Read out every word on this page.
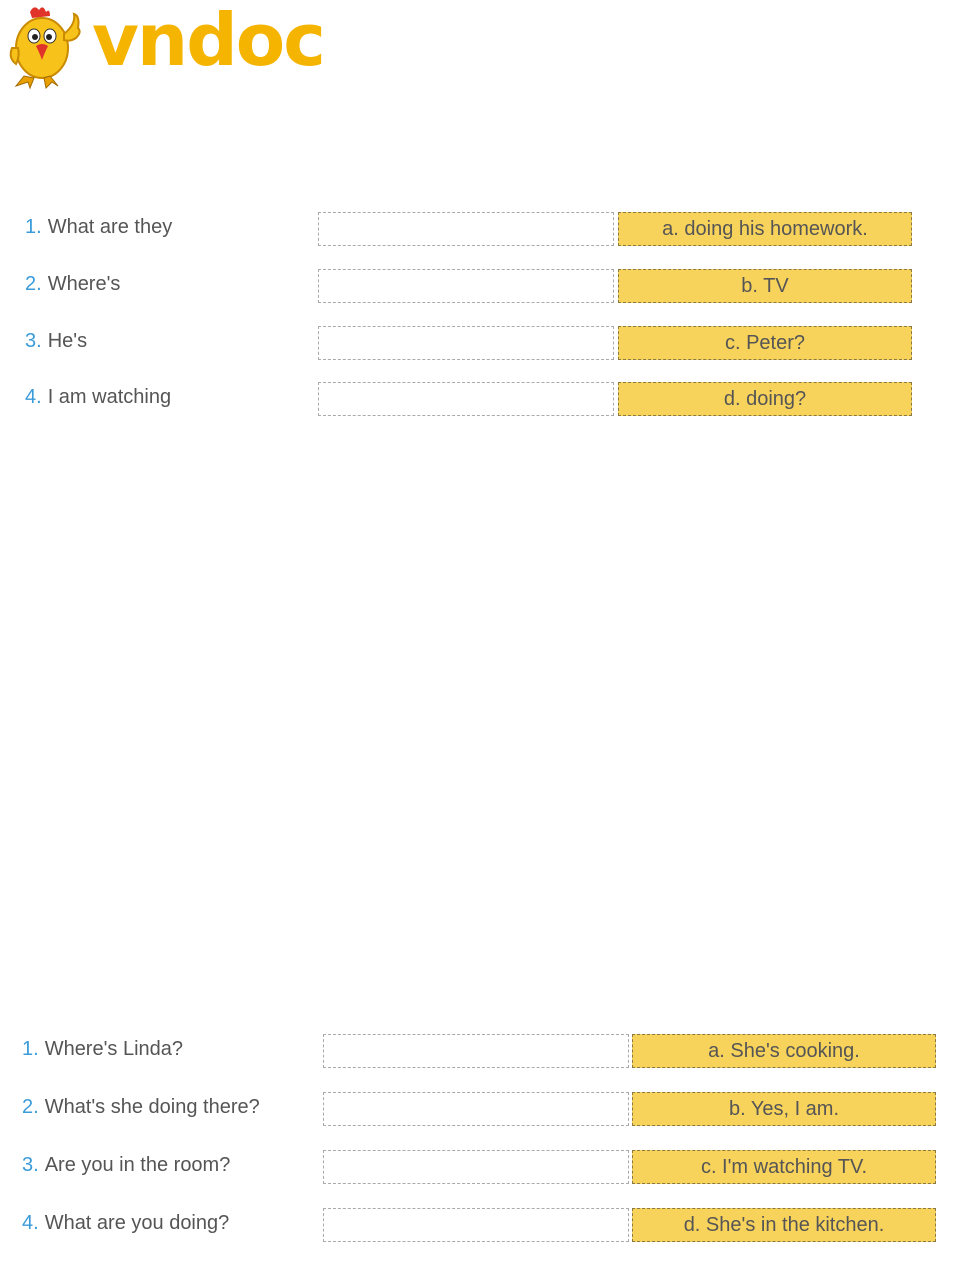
vndoc
1. What are they	a. doing his homework.
2. Where's	b. TV
3. He's	c. Peter?
4. I am watching	d. doing?
1. Where's Linda?	a. She's cooking.
2. What's she doing there?	b. Yes, I am.
3. Are you in the room?	c. I'm watching TV.
4. What are you doing?	d. She's in the kitchen.
